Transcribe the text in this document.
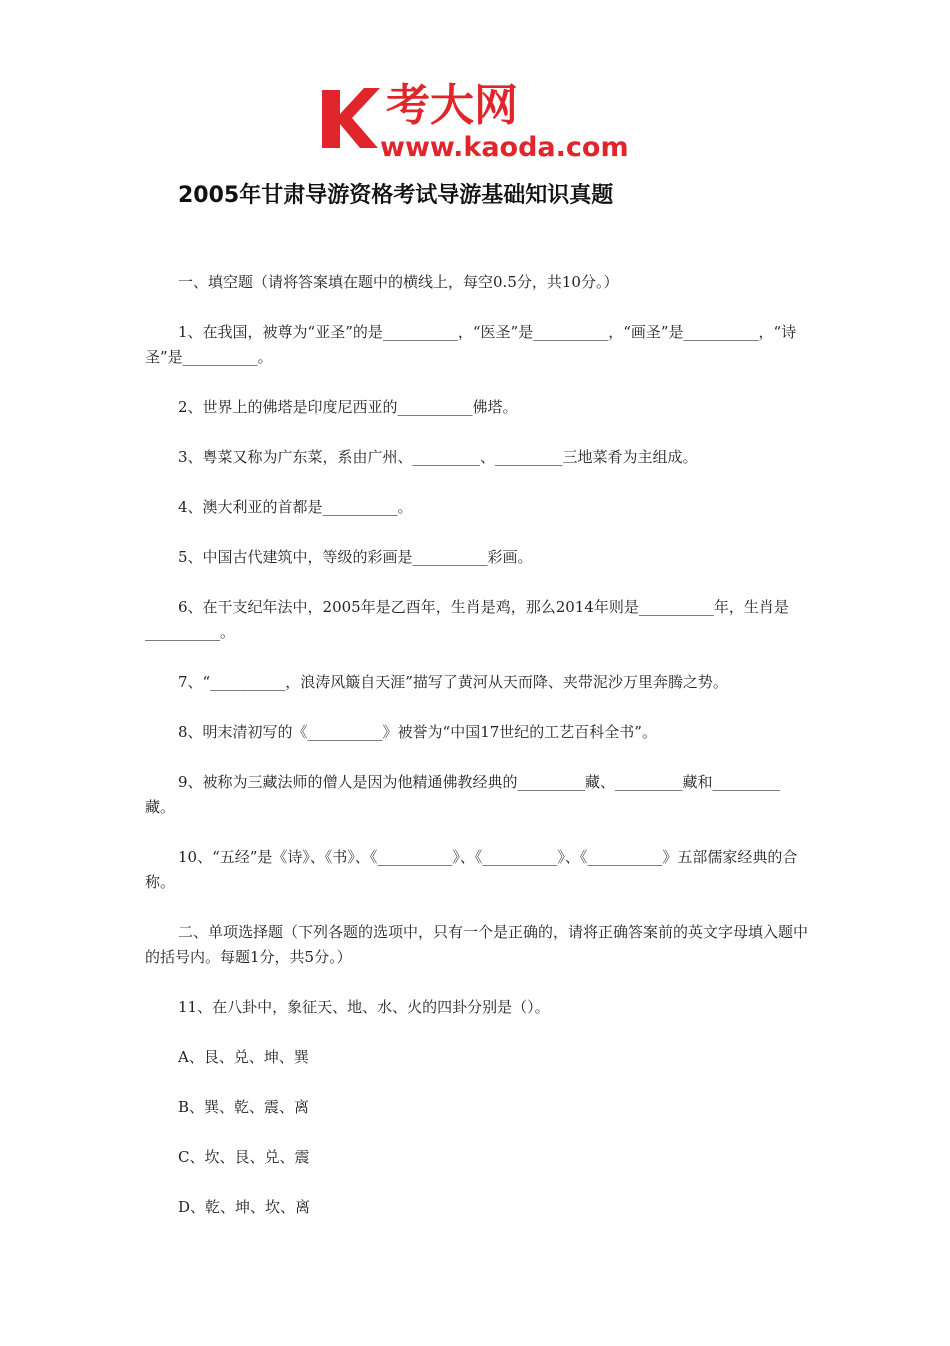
考大网
www.kaoda.com
2005年甘肃导游资格考试导游基础知识真题

一、填空题（请将答案填在题中的横线上，每空0.5分，共10分。）

1、在我国，被尊为“亚圣”的是__________，“医圣”是__________，“画圣”是__________，“诗圣”是__________。

2、世界上的佛塔是印度尼西亚的__________佛塔。

3、粤菜又称为广东菜，系由广州、_________、_________三地菜肴为主组成。

4、澳大利亚的首都是__________。

5、中国古代建筑中，等级的彩画是__________彩画。

6、在干支纪年法中，2005年是乙酉年，生肖是鸡，那么2014年则是__________年，生肖是__________。

7、“__________，浪涛风簸自天涯”描写了黄河从天而降、夹带泥沙万里奔腾之势。

8、明末清初写的《__________》被誉为“中国17世纪的工艺百科全书”。

9、被称为三藏法师的僧人是因为他精通佛教经典的_________藏、_________藏和_________藏。

10、“五经”是《诗》、《书》、《__________》、《__________》、《__________》五部儒家经典的合称。

二、单项选择题（下列各题的选项中，只有一个是正确的，请将正确答案前的英文字母填入题中的括号内。每题1分，共5分。）

11、在八卦中，象征天、地、水、火的四卦分别是（）。

A、艮、兑、坤、巽

B、巽、乾、震、离

C、坎、艮、兑、震

D、乾、坤、坎、离
